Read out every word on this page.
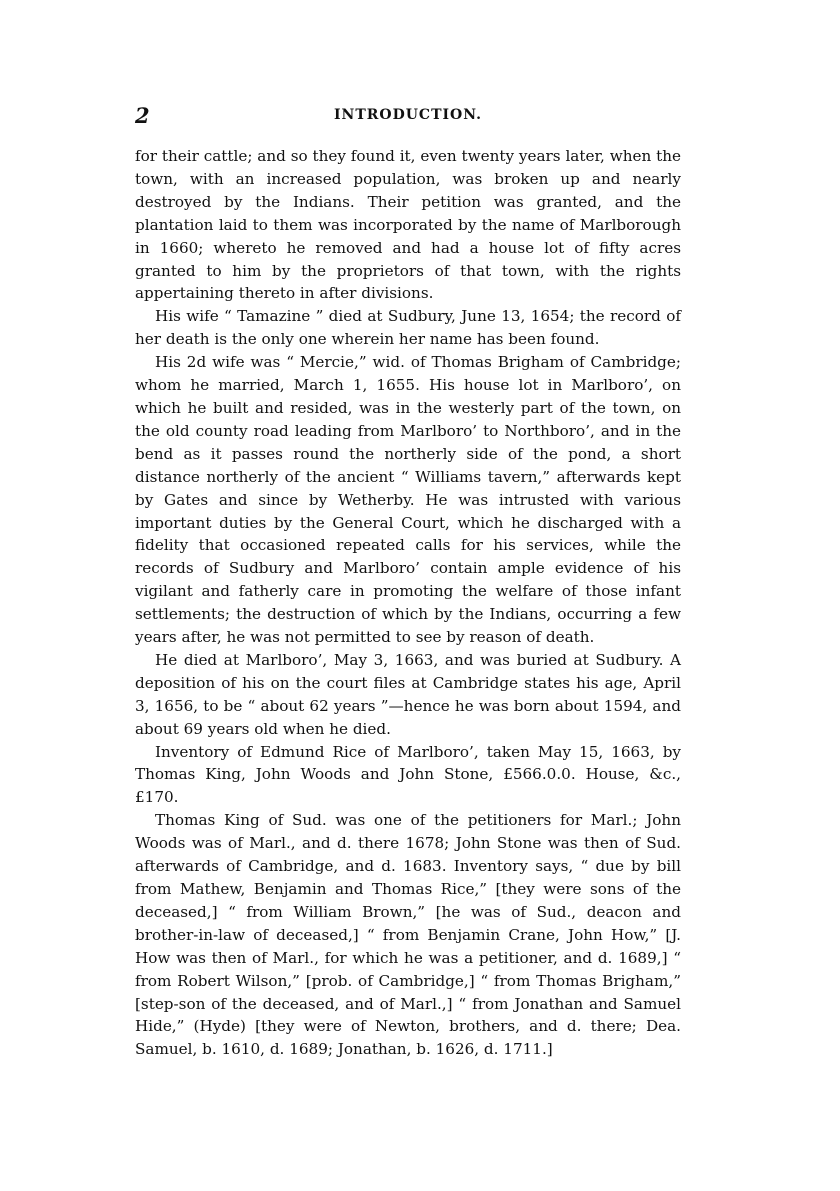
2	INTRODUCTION.

for their cattle; and so they found it, even twenty years later, when the town, with an increased population, was broken up and nearly destroyed by the Indians. Their petition was granted, and the plantation laid to them was incorporated by the name of Marlborough in 1660; whereto he removed and had a house lot of fifty acres granted to him by the proprietors of that town, with the rights appertaining thereto in after divisions.

His wife “ Tamazine ” died at Sudbury, June 13, 1654; the record of her death is the only one wherein her name has been found.

His 2d wife was “ Mercie,” wid. of Thomas Brigham of Cambridge; whom he married, March 1, 1655. His house lot in Marlboro’, on which he built and resided, was in the westerly part of the town, on the old county road leading from Marlboro’ to Northboro’, and in the bend as it passes round the northerly side of the pond, a short distance northerly of the ancient “ Williams tavern,” afterwards kept by Gates and since by Wetherby. He was intrusted with various important duties by the General Court, which he discharged with a fidelity that occasioned repeated calls for his services, while the records of Sudbury and Marlboro’ contain ample evidence of his vigilant and fatherly care in promoting the welfare of those infant settlements; the destruction of which by the Indians, occurring a few years after, he was not permitted to see by reason of death.

He died at Marlboro’, May 3, 1663, and was buried at Sudbury. A deposition of his on the court files at Cambridge states his age, April 3, 1656, to be “ about 62 years ”—hence he was born about 1594, and about 69 years old when he died.

Inventory of Edmund Rice of Marlboro’, taken May 15, 1663, by Thomas King, John Woods and John Stone, £566.0.0. House, &c., £170.

Thomas King of Sud. was one of the petitioners for Marl.; John Woods was of Marl., and d. there 1678; John Stone was then of Sud. afterwards of Cambridge, and d. 1683. Inventory says, “ due by bill from Mathew, Benjamin and Thomas Rice,” [they were sons of the deceased,] “ from William Brown,” [he was of Sud., deacon and brother-in-law of deceased,] “ from Benjamin Crane, John How,” [J. How was then of Marl., for which he was a petitioner, and d. 1689,] “ from Robert Wilson,” [prob. of Cambridge,] “ from Thomas Brigham,” [step-son of the deceased, and of Marl.,] “ from Jonathan and Samuel Hide,” (Hyde) [they were of Newton, brothers, and d. there; Dea. Samuel, b. 1610, d. 1689; Jonathan, b. 1626, d. 1711.]
